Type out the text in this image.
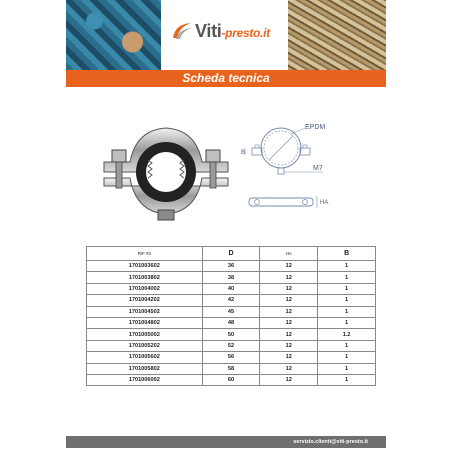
Viti-presto.it
Scheda tecnica
EPDM
B
M7
HA
RIF #3	D	HA	B
1701003602	36	12	1
1701003802	38	12	1
1701004002	40	12	1
1701004202	42	12	1
1701004502	45	12	1
1701004802	48	12	1
1701005002	50	12	1.2
1701005202	52	12	1
1701005602	56	12	1
1701005802	58	12	1
1701006002	60	12	1
servizio.clienti@viti-presto.it
